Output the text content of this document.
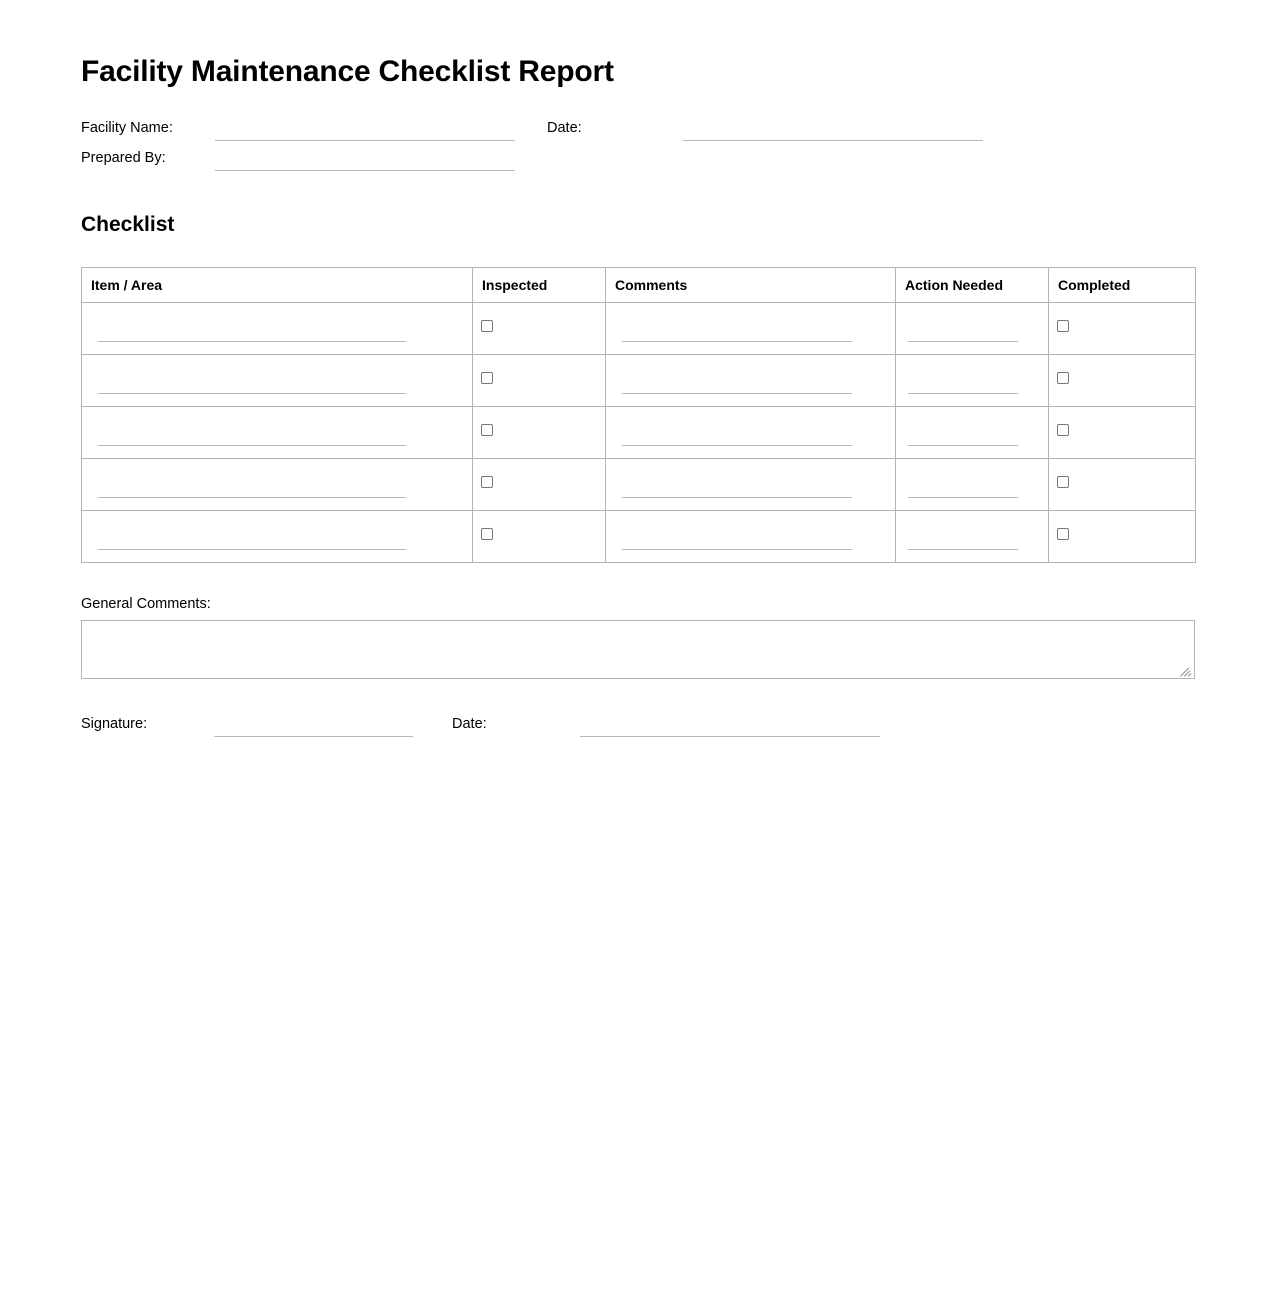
Facility Maintenance Checklist Report
Facility Name:	Date:
Prepared By:
Checklist
Item / Area	Inspected	Comments	Action Needed	Completed

General Comments:
Signature:	Date:
